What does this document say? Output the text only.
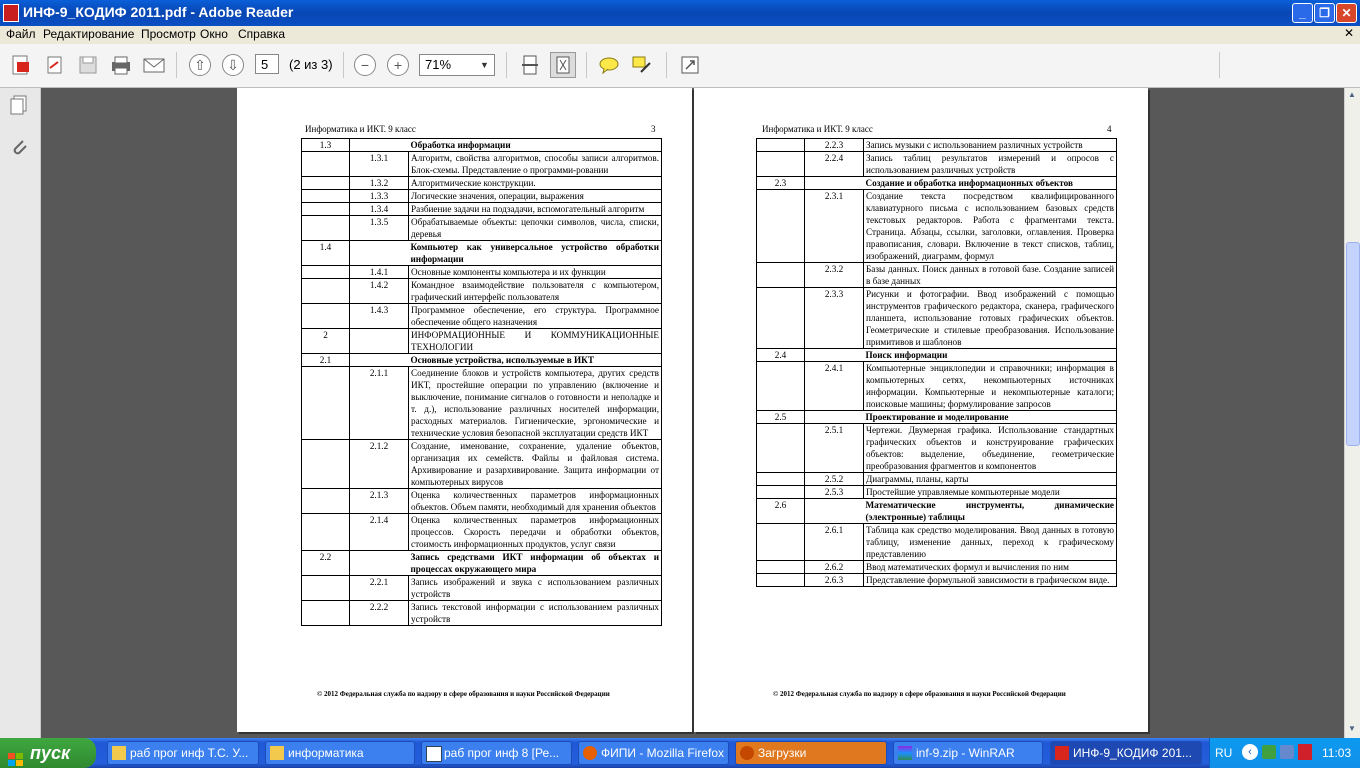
ИНФ-9_КОДИФ 2011.pdf - Adobe Reader	_	❐ ✕
Файл Редактирование Просмотр Окно Справка	✕
⇧	⇩	−	+
5	(2 из 3)	71%	▼
Информатика и ИКТ. 9 класс	3
1.3		Обработка информации
	1.3.1	Алгоритм, свойства алгоритмов, способы записи алгоритмов. Блок-схемы. Представление о программи-ровании
	1.3.2	Алгоритмические конструкции.
	1.3.3	Логические значения, операции, выражения
	1.3.4	Разбиение задачи на подзадачи, вспомогательный алгоритм
	1.3.5	Обрабатываемые объекты: цепочки символов, числа, списки, деревья
1.4		Компьютер как универсальное устройство обработки информации
	1.4.1	Основные компоненты компьютера и их функции
	1.4.2	Командное взаимодействие пользователя с компьютером, графический интерфейс пользователя
	1.4.3	Программное обеспечение, его структура. Программное обеспечение общего назначения
2		ИНФОРМАЦИОННЫЕ И КОММУНИКАЦИОННЫЕ ТЕХНОЛОГИИ
2.1		Основные устройства, используемые в ИКТ
	2.1.1	Соединение блоков и устройств компьютера, других средств ИКТ, простейшие операции по управлению (включение и выключение, понимание сигналов о готовности и неполадке и т. д.), использование различных носителей информации, расходных материалов. Гигиенические, эргономические и технические условия безопасной эксплуатации средств ИКТ
	2.1.2	Создание, именование, сохранение, удаление объектов, организация их семейств. Файлы и файловая система. Архивирование и разархивирование. Защита информации от компьютерных вирусов
	2.1.3	Оценка количественных параметров информационных объектов. Объем памяти, необходимый для хранения объектов
	2.1.4	Оценка количественных параметров информационных процессов. Скорость передачи и обработки объектов, стоимость информационных продуктов, услуг связи
2.2		Запись средствами ИКТ информации об объектах и процессах окружающего мира
	2.2.1	Запись изображений и звука с использованием различных устройств
	2.2.2	Запись текстовой информации с использованием различных устройств
© 2012 Федеральная служба по надзору в сфере образования и науки Российской Федерации
Информатика и ИКТ. 9 класс	4
	2.2.3	Запись музыки с использованием различных устройств
	2.2.4	Запись таблиц результатов измерений и опросов с использованием различных устройств
2.3		Создание и обработка информационных объектов
	2.3.1	Создание текста посредством квалифицированного клавиатурного письма с использованием базовых средств текстовых редакторов. Работа с фрагментами текста. Страница. Абзацы, ссылки, заголовки, оглавления. Проверка правописания, словари. Включение в текст списков, таблиц, изображений, диаграмм, формул
	2.3.2	Базы данных. Поиск данных в готовой базе. Создание записей в базе данных
	2.3.3	Рисунки и фотографии. Ввод изображений с помощью инструментов графического редактора, сканера, графического планшета, использование готовых графических объектов. Геометрические и стилевые преобразования. Использование примитивов и шаблонов
2.4		Поиск информации
	2.4.1	Компьютерные энциклопедии и справочники; информация в компьютерных сетях, некомпьютерных источниках информации. Компьютерные и некомпьютерные каталоги; поисковые машины; формулирование запросов
2.5		Проектирование и моделирование
	2.5.1	Чертежи. Двумерная графика. Использование стандартных графических объектов и конструирование графических объектов: выделение, объединение, геометрические преобразования фрагментов и компонентов
	2.5.2	Диаграммы, планы, карты
	2.5.3	Простейшие управляемые компьютерные модели
2.6		Математические инструменты, динамические (электронные) таблицы
	2.6.1	Таблица как средство моделирования. Ввод данных в готовую таблицу, изменение данных, переход к графическому представлению
	2.6.2	Ввод математических формул и вычисления по ним
	2.6.3	Представление формульной зависимости в графическом виде.
© 2012 Федеральная служба по надзору в сфере образования и науки Российской Федерации
▲
▼
пуск	раб прог инф Т.С. У...	информатика	раб прог инф 8 [Ре...	ФИПИ - Mozilla Firefox	Загрузки	inf-9.zip - WinRAR	ИНФ-9_КОДИФ 201...	RU	‹	11:03
